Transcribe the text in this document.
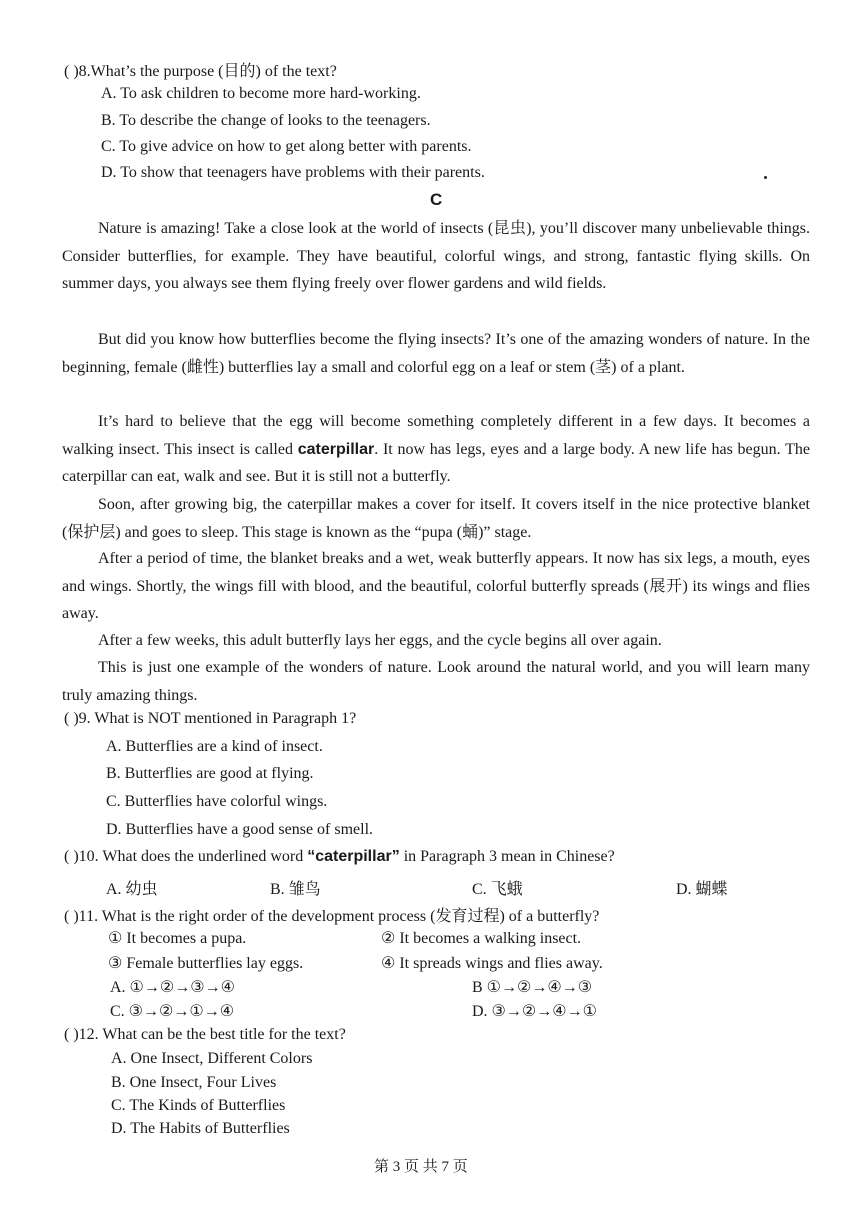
( )8.What’s the purpose (目的) of the text?
A. To ask children to become more hard-working.
B. To describe the change of looks to the teenagers.
C. To give advice on how to get along better with parents.
D. To show that teenagers have problems with their parents.
C
Nature is amazing! Take a close look at the world of insects (昆虫), you’ll discover many unbelievable things. Consider butterflies, for example. They have beautiful, colorful wings, and strong, fantastic flying skills. On summer days, you always see them flying freely over flower gardens and wild fields.
But did you know how butterflies become the flying insects? It’s one of the amazing wonders of nature. In the beginning, female (雌性) butterflies lay a small and colorful egg on a leaf or stem (茎) of a plant.
It’s hard to believe that the egg will become something completely different in a few days. It becomes a walking insect. This insect is called caterpillar. It now has legs, eyes and a large body. A new life has begun. The caterpillar can eat, walk and see. But it is still not a butterfly.
Soon, after growing big, the caterpillar makes a cover for itself. It covers itself in the nice protective blanket (保护层) and goes to sleep. This stage is known as the “pupa (蛹)” stage.
After a period of time, the blanket breaks and a wet, weak butterfly appears. It now has six legs, a mouth, eyes and wings. Shortly, the wings fill with blood, and the beautiful, colorful butterfly spreads (展开) its wings and flies away.
After a few weeks, this adult butterfly lays her eggs, and the cycle begins all over again.
This is just one example of the wonders of nature. Look around the natural world, and you will learn many truly amazing things.
( )9. What is NOT mentioned in Paragraph 1?
A. Butterflies are a kind of insect.
B. Butterflies are good at flying.
C. Butterflies have colorful wings.
D. Butterflies have a good sense of smell.
( )10. What does the underlined word “caterpillar” in Paragraph 3 mean in Chinese?
A. 幼虫	B. 雏鸟	C. 飞蛾	D. 蝴蝶
( )11. What is the right order of the development process (发育过程) of a butterfly?
① It becomes a pupa.	② It becomes a walking insect.
③ Female butterflies lay eggs.	④ It spreads wings and flies away.
A. ①→②→③→④	B ①→②→④→③
C. ③→②→①→④	D. ③→②→④→①
( )12. What can be the best title for the text?
A. One Insect, Different Colors
B. One Insect, Four Lives
C. The Kinds of Butterflies
D. The Habits of Butterflies
第 3 页 共 7 页
